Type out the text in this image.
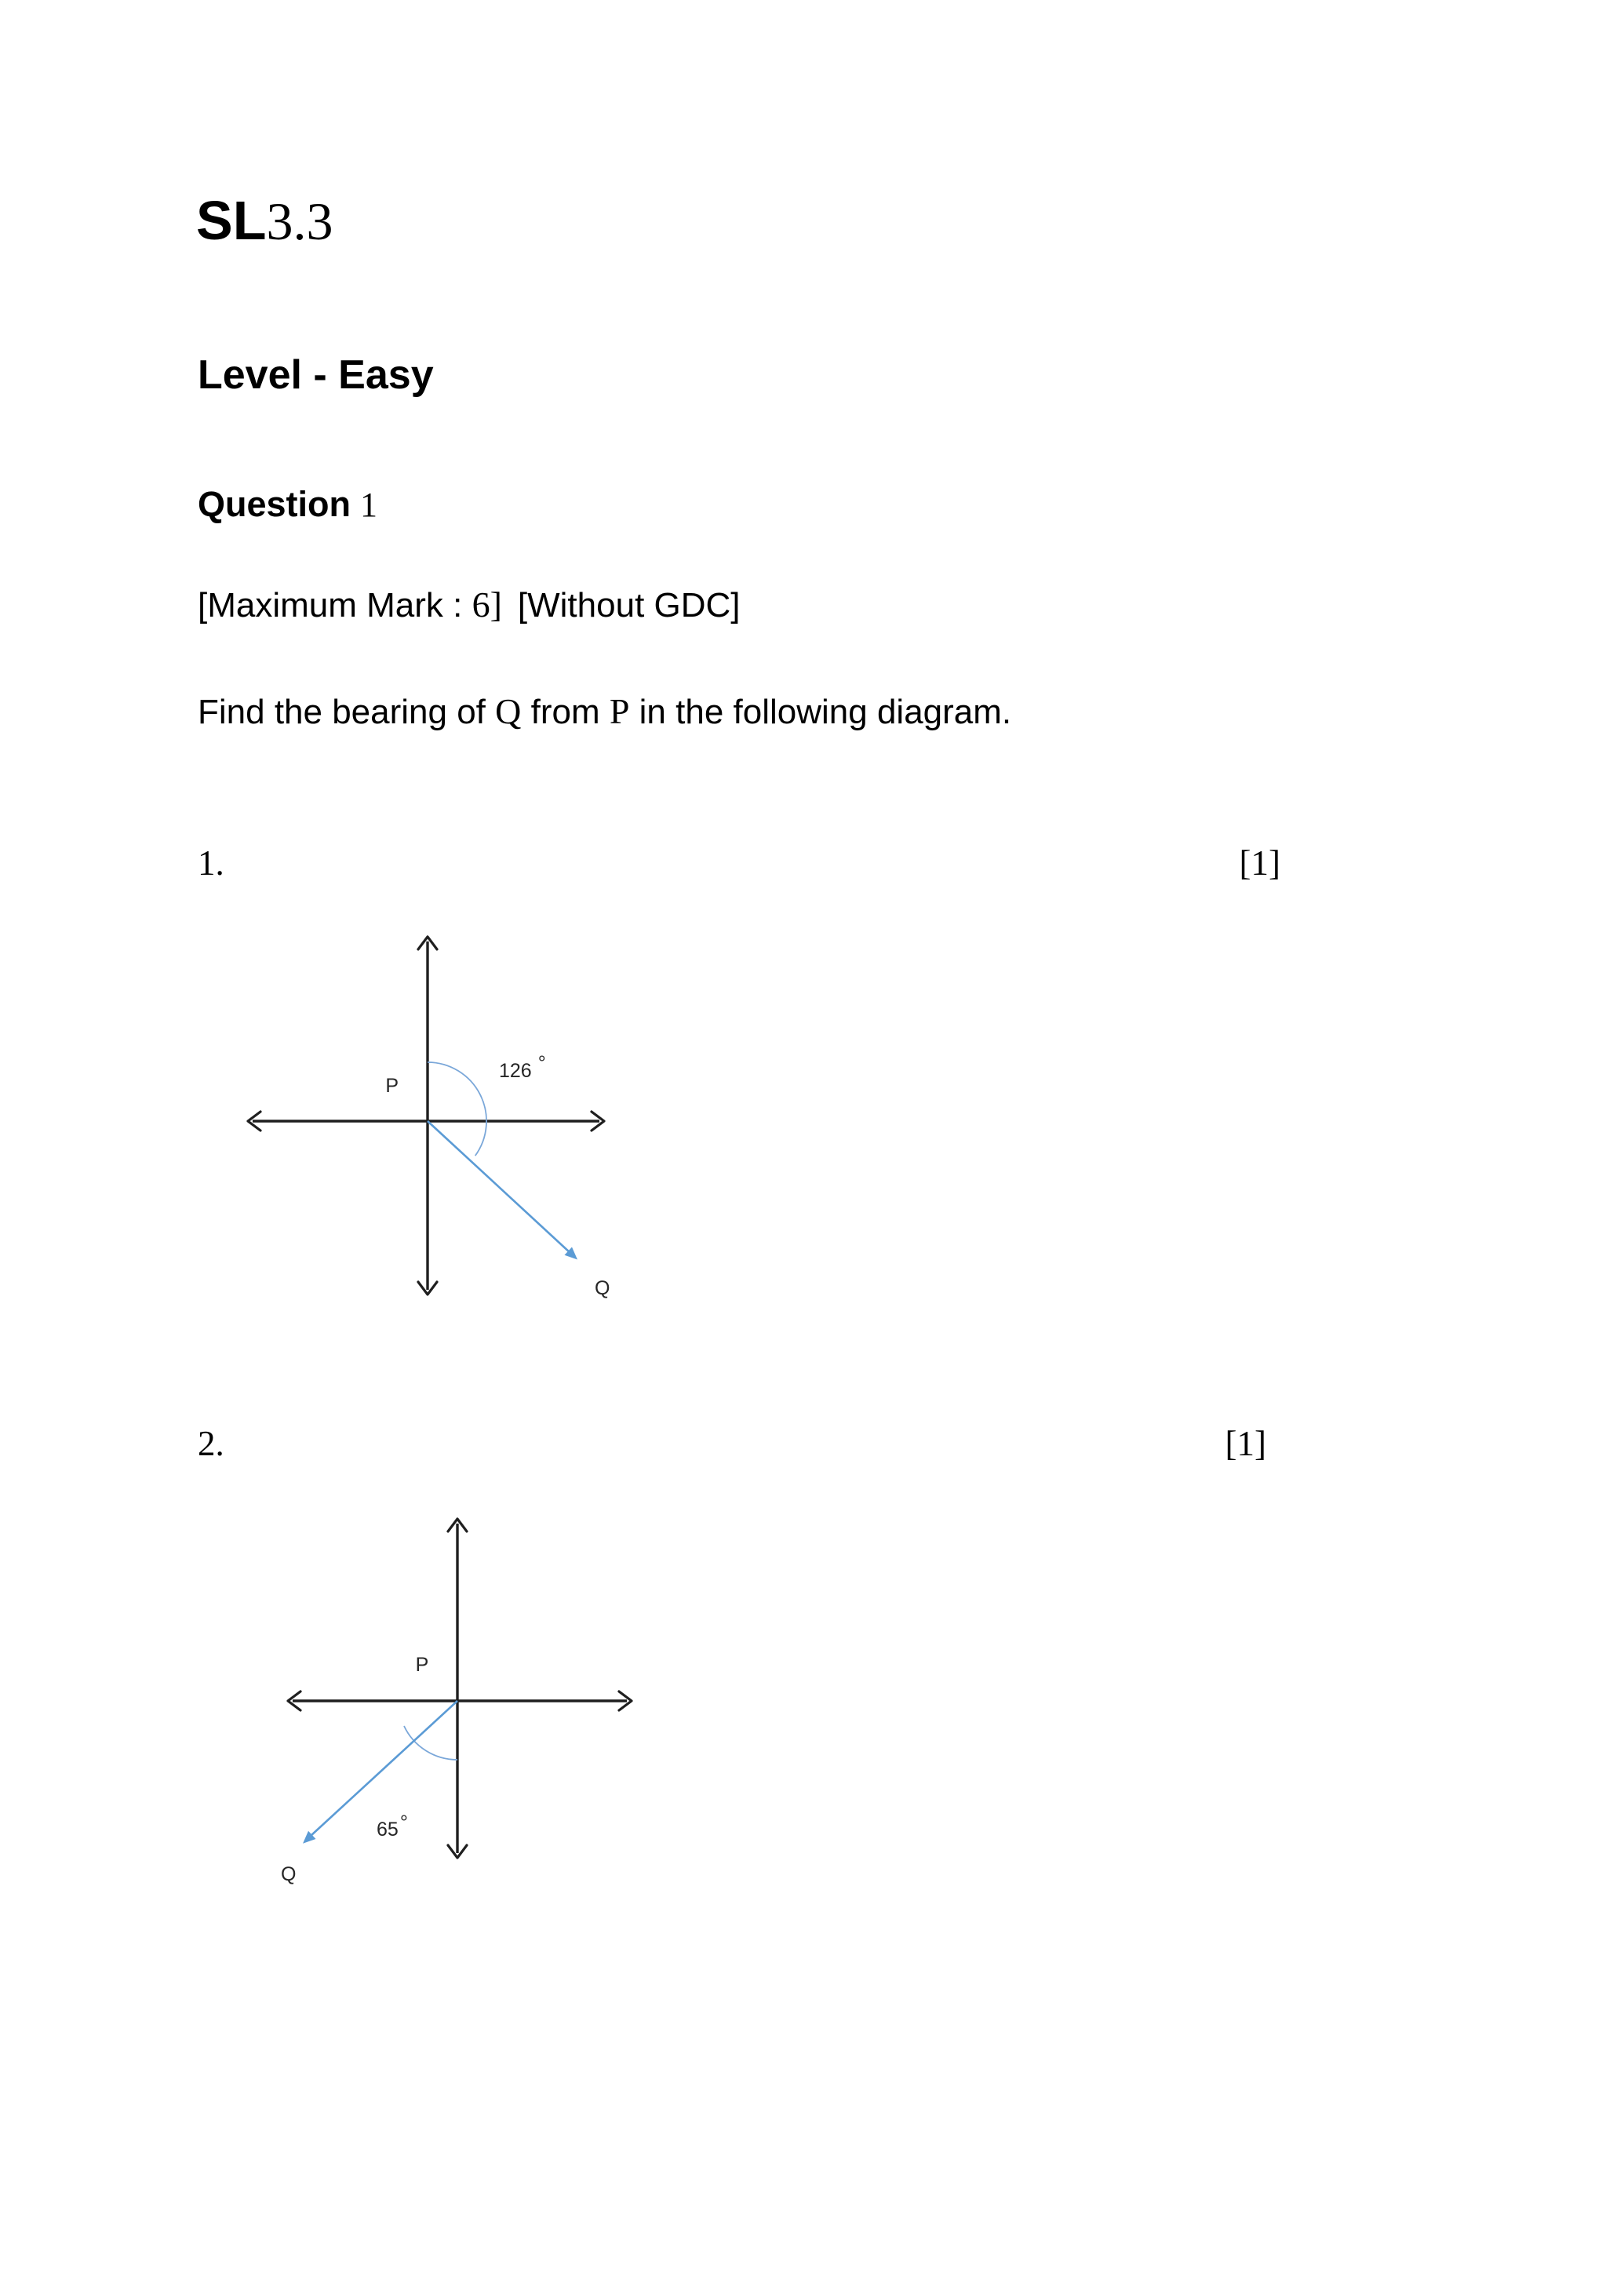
SL3.3
Level - Easy
Question 1
[Maximum Mark : 6] [Without GDC]
Find the bearing of Q from P in the following diagram.
1.	[1]
P
126 °
Q
2.	[1]
P
65°
Q
